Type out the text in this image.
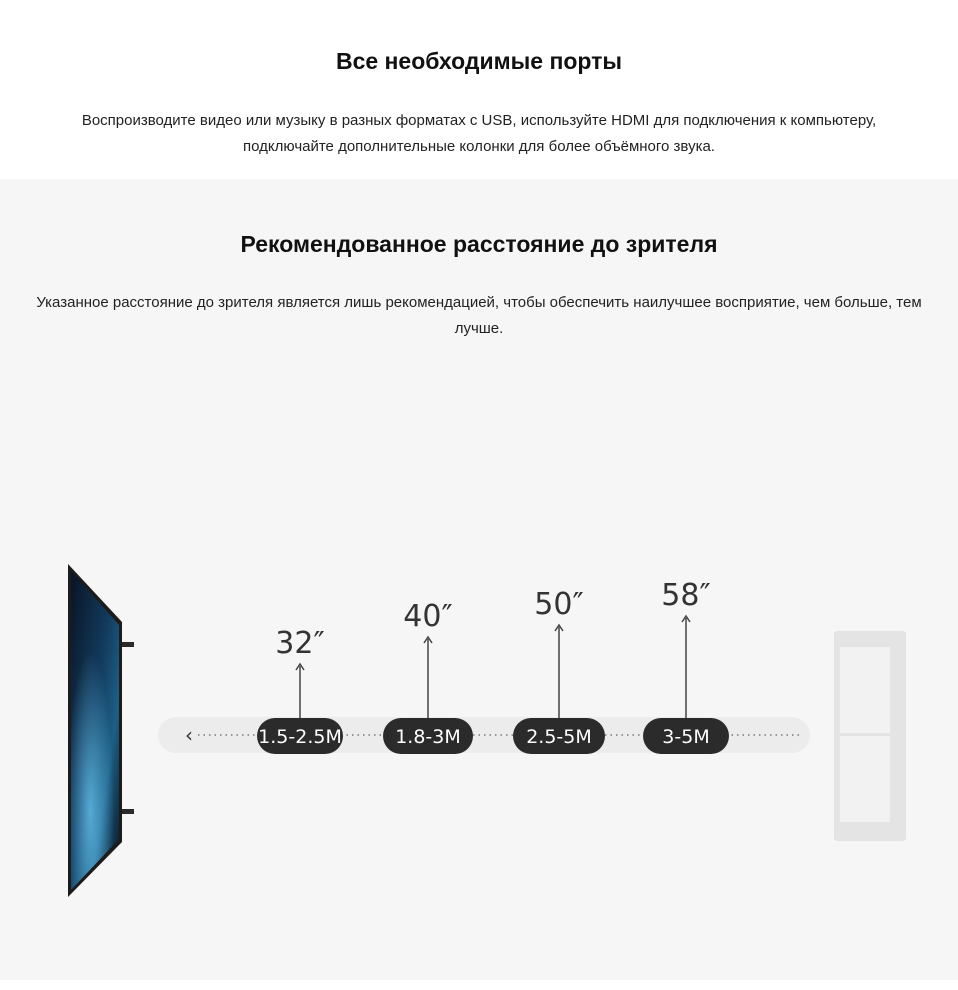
Все необходимые порты

Воспроизводите видео или музыку в разных форматах с USB, используйте HDMI для подключения к компьютеру, подключайте дополнительные колонки для более объёмного звука.

Рекомендованное расстояние до зрителя

Указанное расстояние до зрителя является лишь рекомендацией, чтобы обеспечить наилучшее восприятие, чем больше, тем лучше.

‹
32″
1.5-2.5M
40″
1.8-3M
50″
2.5-5M
58″
3-5M
